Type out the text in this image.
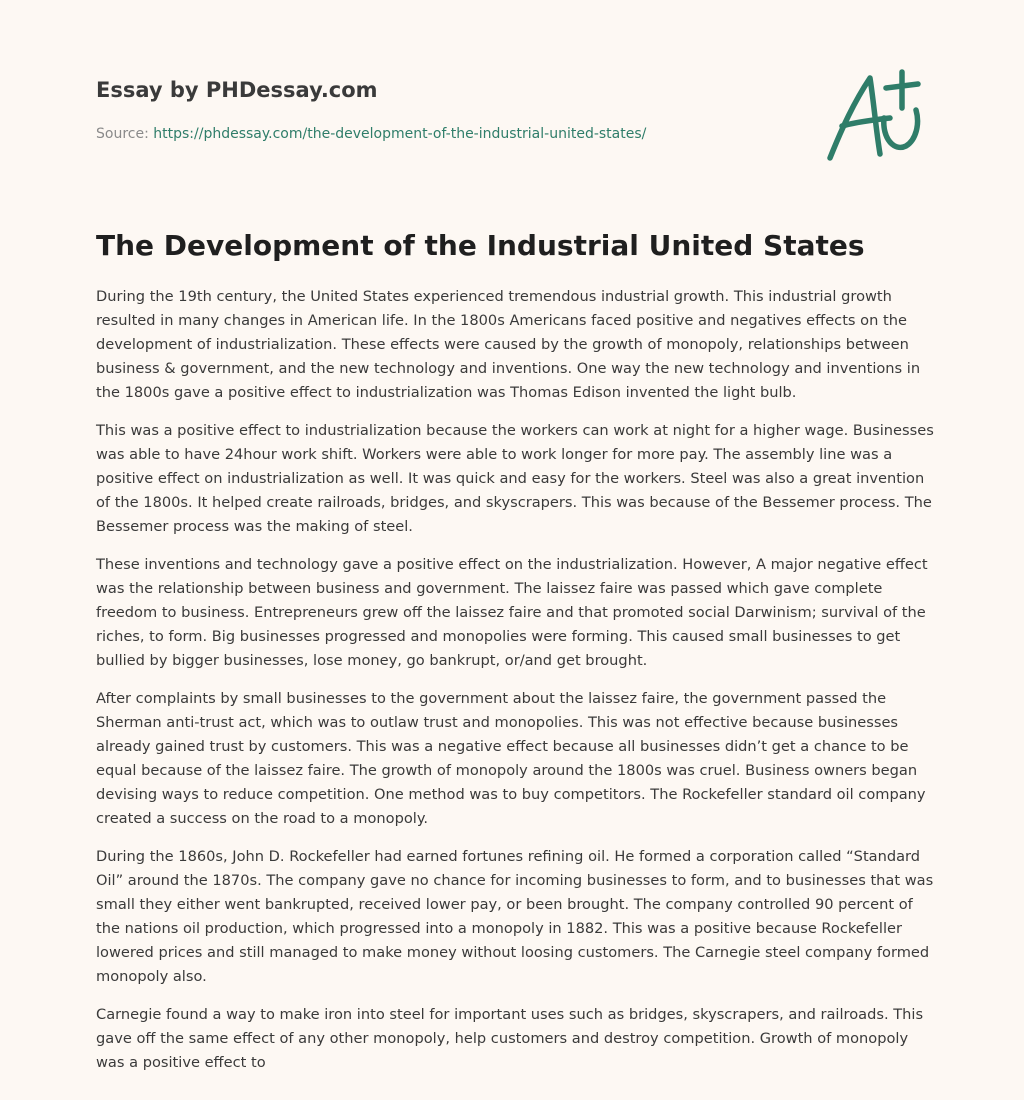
Essay by PHDessay.com
Source: https://phdessay.com/the-development-of-the-industrial-united-states/
The Development of the Industrial United States

During the 19th century, the United States experienced tremendous industrial growth. This industrial growth resulted in many changes in American life. In the 1800s Americans faced positive and negatives effects on the development of industrialization. These effects were caused by the growth of monopoly, relationships between business & government, and the new technology and inventions. One way the new technology and inventions in the 1800s gave a positive effect to industrialization was Thomas Edison invented the light bulb.

This was a positive effect to industrialization because the workers can work at night for a higher wage. Businesses was able to have 24hour work shift. Workers were able to work longer for more pay. The assembly line was a positive effect on industrialization as well. It was quick and easy for the workers. Steel was also a great invention of the 1800s. It helped create railroads, bridges, and skyscrapers. This was because of the Bessemer process. The Bessemer process was the making of steel.

These inventions and technology gave a positive effect on the industrialization. However, A major negative effect was the relationship between business and government. The laissez faire was passed which gave complete freedom to business. Entrepreneurs grew off the laissez faire and that promoted social Darwinism; survival of the riches, to form. Big businesses progressed and monopolies were forming. This caused small businesses to get bullied by bigger businesses, lose money, go bankrupt, or/and get brought.

After complaints by small businesses to the government about the laissez faire, the government passed the Sherman anti-trust act, which was to outlaw trust and monopolies. This was not effective because businesses already gained trust by customers. This was a negative effect because all businesses didn’t get a chance to be equal because of the laissez faire. The growth of monopoly around the 1800s was cruel. Business owners began devising ways to reduce competition. One method was to buy competitors. The Rockefeller standard oil company created a success on the road to a monopoly.

During the 1860s, John D. Rockefeller had earned fortunes refining oil. He formed a corporation called “Standard Oil” around the 1870s. The company gave no chance for incoming businesses to form, and to businesses that was small they either went bankrupted, received lower pay, or been brought. The company controlled 90 percent of the nations oil production, which progressed into a monopoly in 1882. This was a positive because Rockefeller lowered prices and still managed to make money without loosing customers. The Carnegie steel company formed monopoly also.

Carnegie found a way to make iron into steel for important uses such as bridges, skyscrapers, and railroads. This gave off the same effect of any other monopoly, help customers and destroy competition. Growth of monopoly was a positive effect to
